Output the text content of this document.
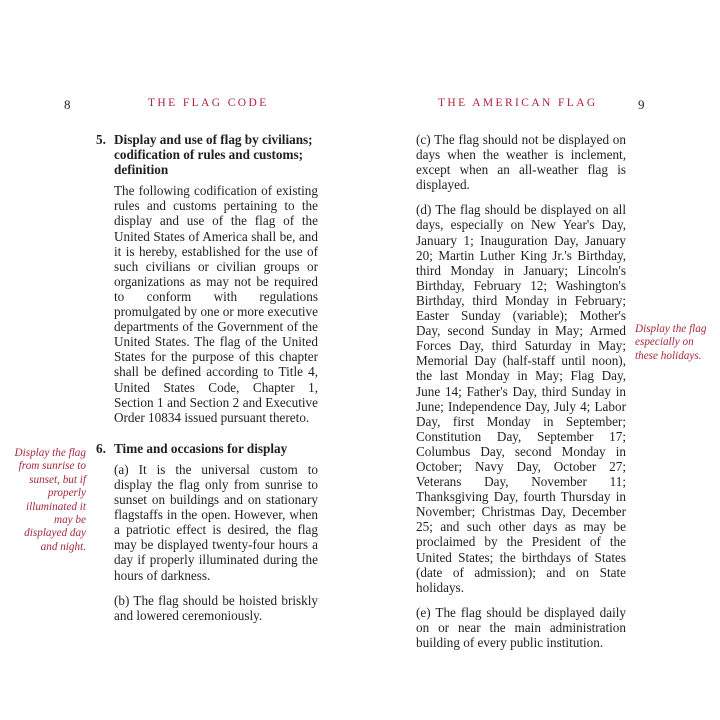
8	THE FLAG CODE
5. Display and use of flag by civilians; codification of rules and customs; definition

The following codification of existing rules and customs pertaining to the display and use of the flag of the United States of America shall be, and it is hereby, established for the use of such civilians or civilian groups or organizations as may not be required to conform with regulations promulgated by one or more executive departments of the Government of the United States. The flag of the United States for the purpose of this chapter shall be defined according to Title 4, United States Code, Chapter 1, Section 1 and Section 2 and Executive Order 10834 issued pursuant thereto.

6. Time and occasions for display

(a) It is the universal custom to display the flag only from sunrise to sunset on buildings and on stationary flagstaffs in the open. However, when a patriotic effect is desired, the flag may be displayed twenty-four hours a day if properly illuminated during the hours of darkness.

(b) The flag should be hoisted briskly and lowered ceremoniously.

Display the flag from sunrise to sunset, but if properly illuminated it may be displayed day and night.
THE AMERICAN FLAG	9

(c) The flag should not be displayed on days when the weather is inclement, except when an all-weather flag is displayed.

(d) The flag should be displayed on all days, especially on New Year's Day, January 1; Inauguration Day, January 20; Martin Luther King Jr.'s Birthday, third Monday in January; Lincoln's Birthday, February 12; Washington's Birthday, third Monday in February; Easter Sunday (variable); Mother's Day, second Sunday in May; Armed Forces Day, third Saturday in May; Memorial Day (half-staff until noon), the last Monday in May; Flag Day, June 14; Father's Day, third Sunday in June; Independence Day, July 4; Labor Day, first Monday in September; Constitution Day, September 17; Columbus Day, second Monday in October; Navy Day, October 27; Veterans Day, November 11; Thanksgiving Day, fourth Thursday in November; Christmas Day, December 25; and such other days as may be proclaimed by the President of the United States; the birthdays of States (date of admission); and on State holidays.

(e) The flag should be displayed daily on or near the main administration building of every public institution.

Display the flag especially on these holidays.
